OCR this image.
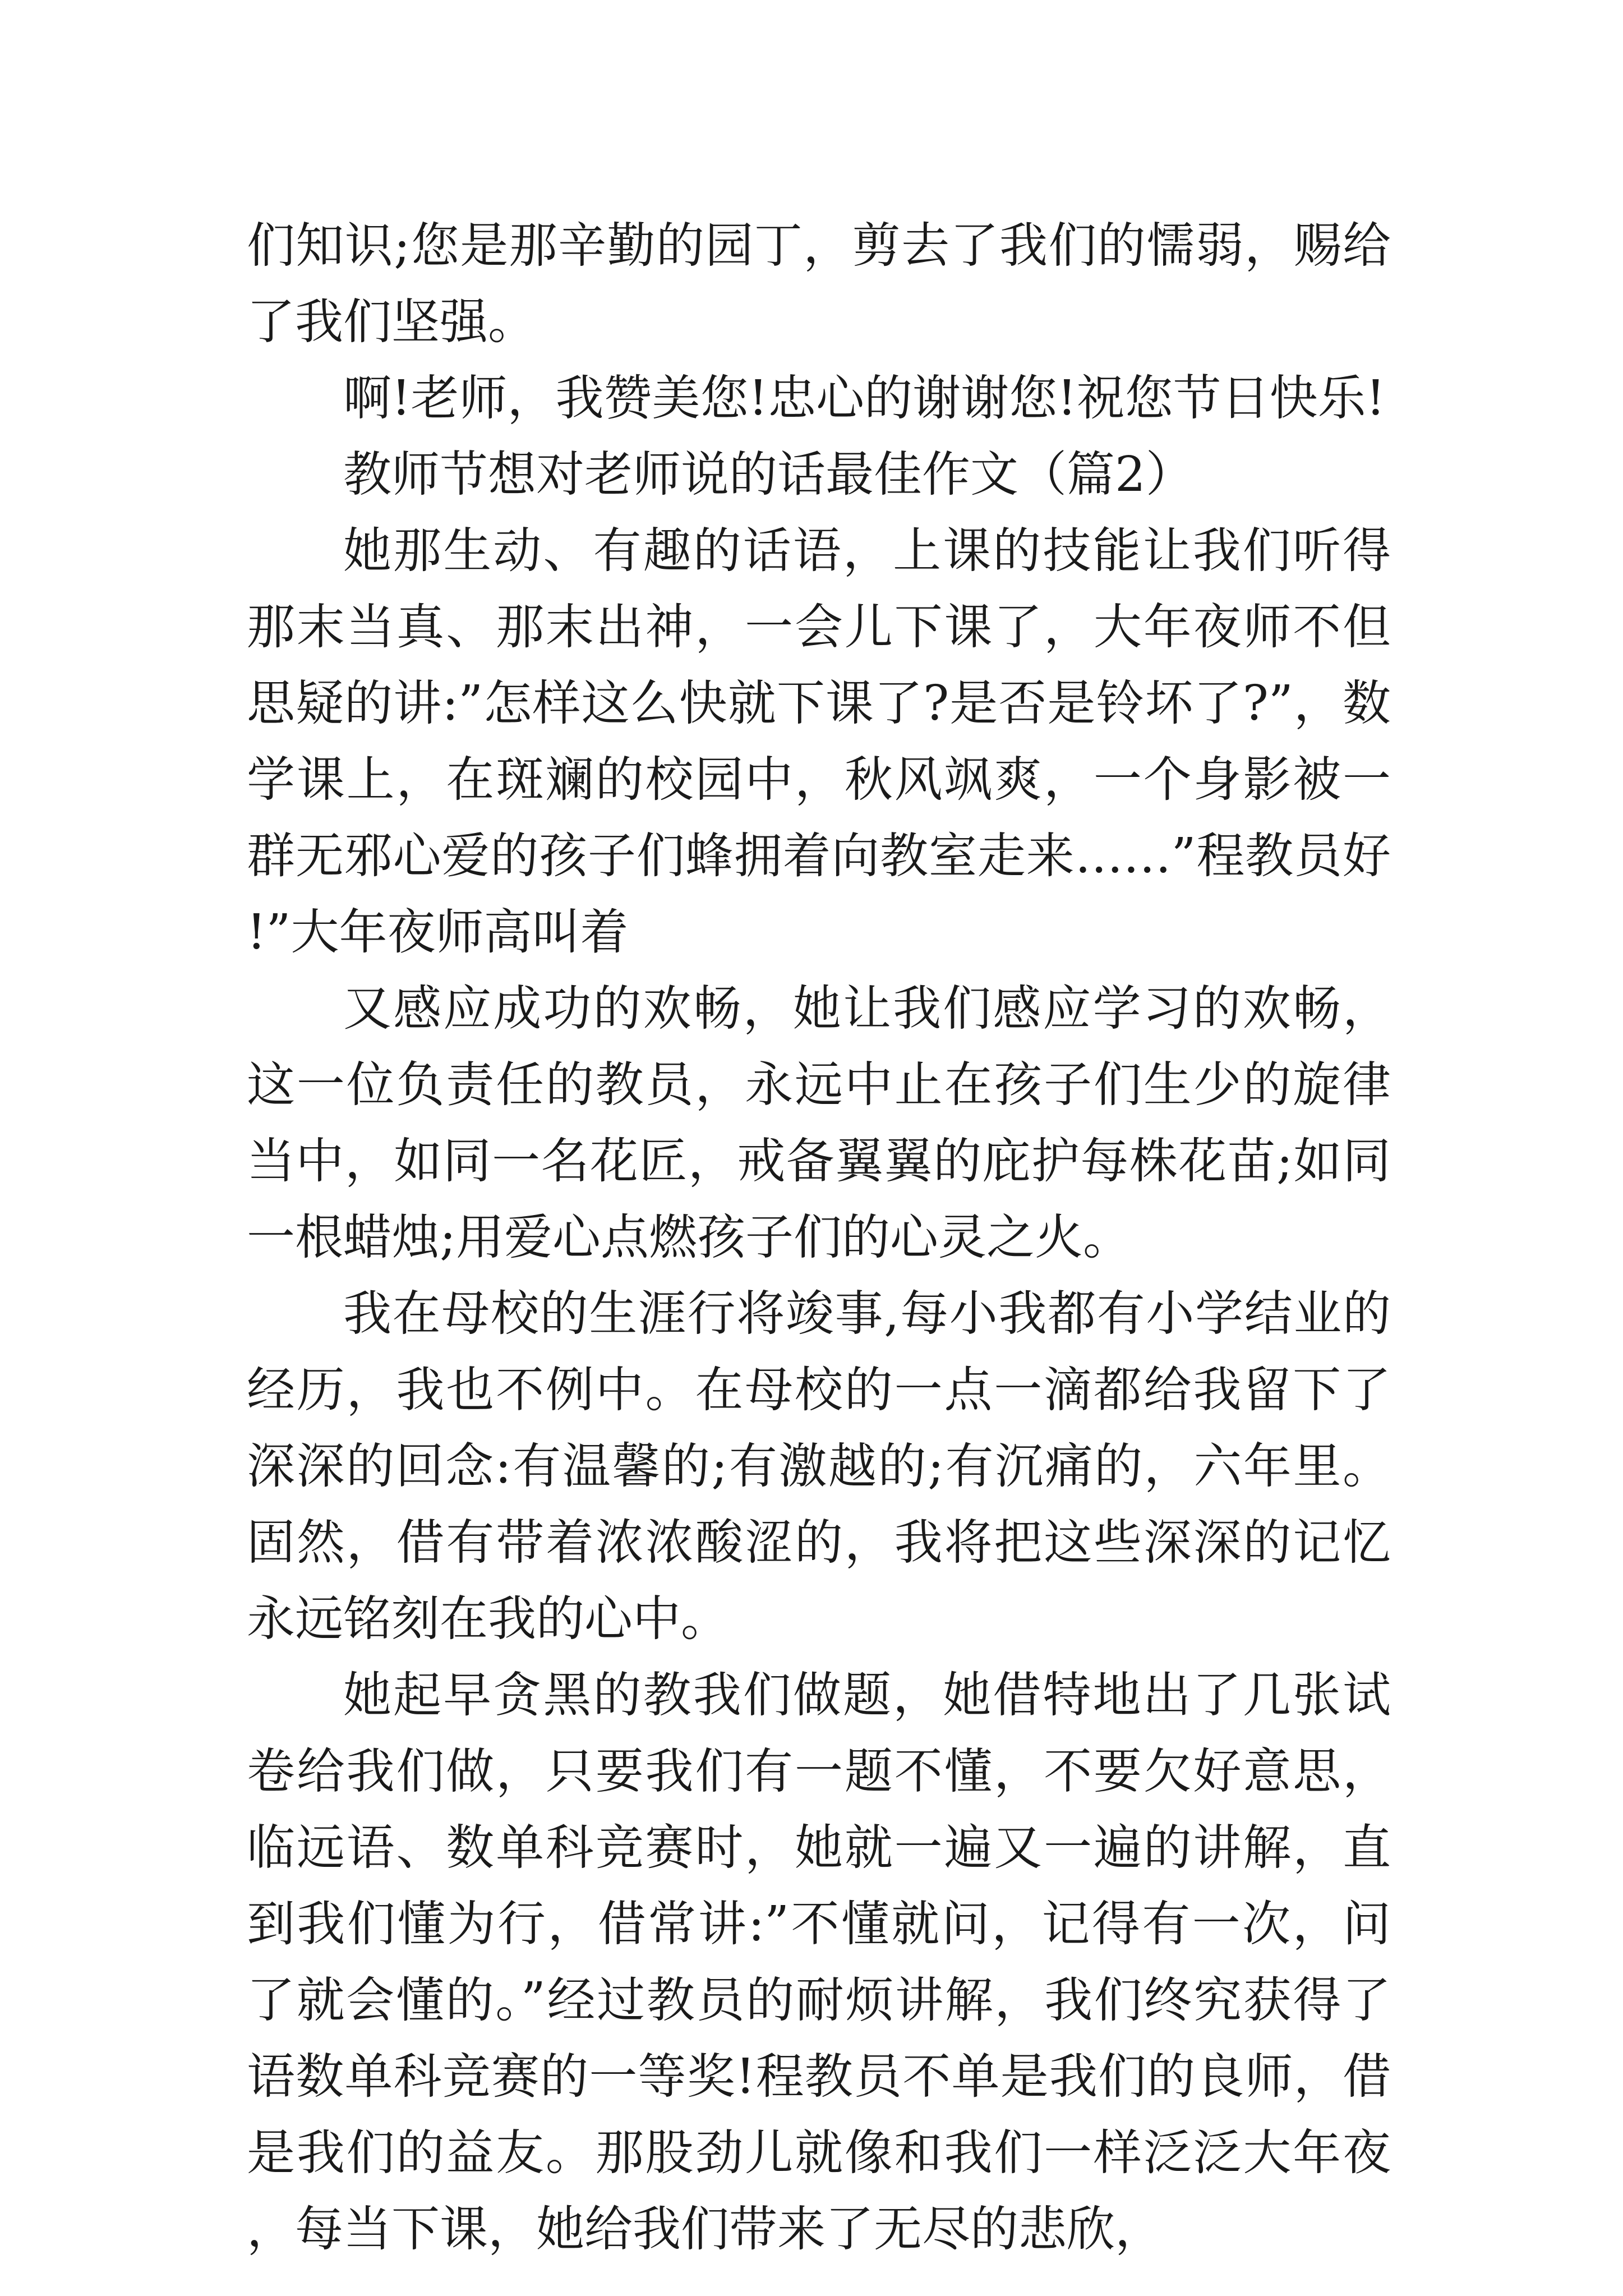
们知识;您是那辛勤的园丁，剪去了我们的懦弱，赐给了我们坚强。

啊!老师，我赞美您!忠心的谢谢您!祝您节日快乐!

教师节想对老师说的话最佳作文（篇2）

她那生动、有趣的话语，上课的技能让我们听得那末当真、那末出神，一会儿下课了，大年夜师不但思疑的讲:”怎样这么快就下课了?是否是铃坏了?”，数学课上，在斑斓的校园中，秋风飒爽，一个身影被一群无邪心爱的孩子们蜂拥着向教室走来……”程教员好!”大年夜师高叫着

又感应成功的欢畅，她让我们感应学习的欢畅，这一位负责任的教员，永远中止在孩子们生少的旋律当中，如同一名花匠，戒备翼翼的庇护每株花苗;如同一根蜡烛;用爱心点燃孩子们的心灵之火。

我在母校的生涯行将竣事,每小我都有小学结业的经历，我也不例中。在母校的一点一滴都给我留下了深深的回念:有温馨的;有激越的;有沉痛的，六年里。固然，借有带着浓浓酸涩的，我将把这些深深的记忆永远铭刻在我的心中。

她起早贪黑的教我们做题，她借特地出了几张试卷给我们做，只要我们有一题不懂，不要欠好意思，临远语、数单科竞赛时，她就一遍又一遍的讲解，直到我们懂为行，借常讲:”不懂就问，记得有一次，问了就会懂的。”经过教员的耐烦讲解，我们终究获得了语数单科竞赛的一等奖!程教员不单是我们的良师，借是我们的益友。那股劲儿就像和我们一样泛泛大年夜，每当下课，她给我们带来了无尽的悲欣，
